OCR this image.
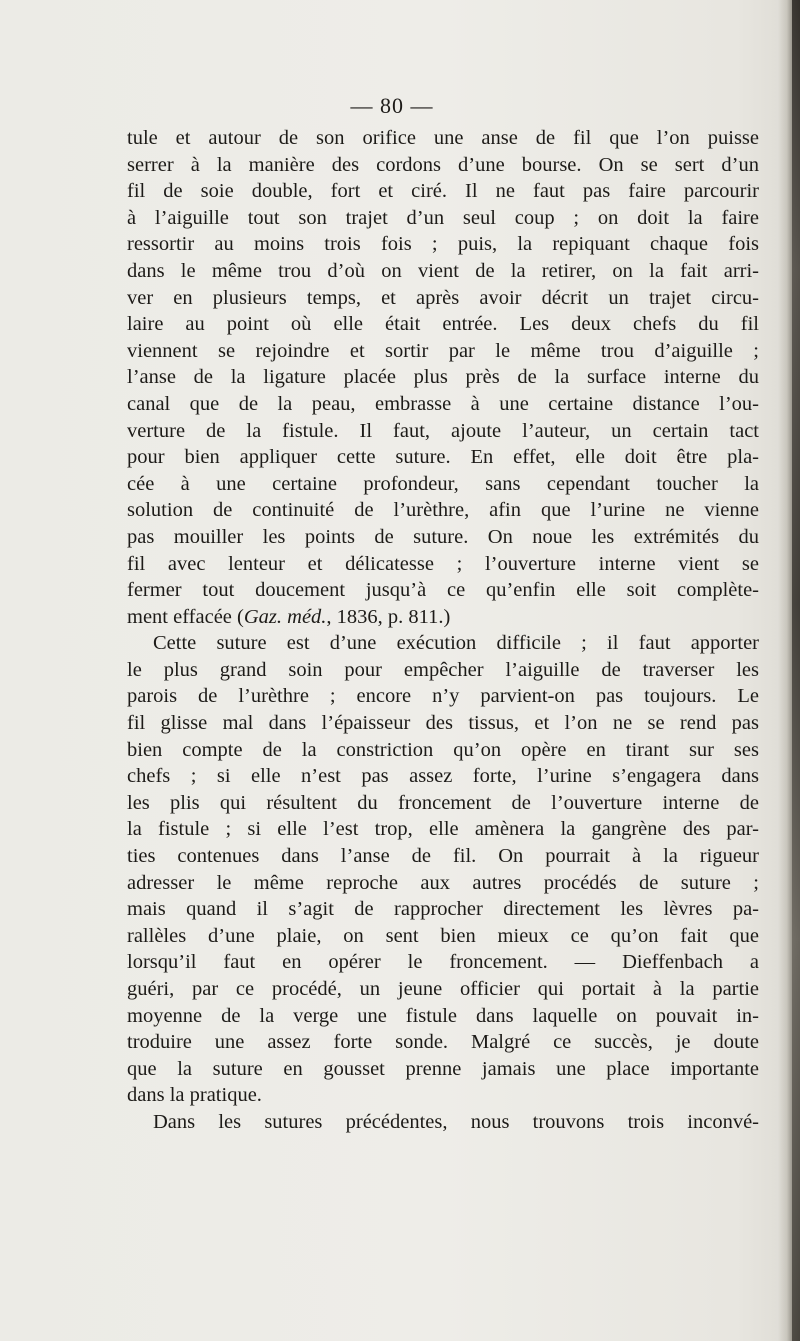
— 80 —

tule et autour de son orifice une anse de fil que l’on puisse
serrer à la manière des cordons d’une bourse. On se sert d’un
fil de soie double, fort et ciré. Il ne faut pas faire parcourir
à l’aiguille tout son trajet d’un seul coup ; on doit la faire
ressortir au moins trois fois ; puis, la repiquant chaque fois
dans le même trou d’où on vient de la retirer, on la fait arri-
ver en plusieurs temps, et après avoir décrit un trajet circu-
laire au point où elle était entrée. Les deux chefs du fil
viennent se rejoindre et sortir par le même trou d’aiguille ;
l’anse de la ligature placée plus près de la surface interne du
canal que de la peau, embrasse à une certaine distance l’ou-
verture de la fistule. Il faut, ajoute l’auteur, un certain tact
pour bien appliquer cette suture. En effet, elle doit être pla-
cée à une certaine profondeur, sans cependant toucher la
solution de continuité de l’urèthre, afin que l’urine ne vienne
pas mouiller les points de suture. On noue les extrémités du
fil avec lenteur et délicatesse ; l’ouverture interne vient se
fermer tout doucement jusqu’à ce qu’enfin elle soit complète-
ment effacée (Gaz. méd., 1836, p. 811.)
Cette suture est d’une exécution difficile ; il faut apporter
le plus grand soin pour empêcher l’aiguille de traverser les
parois de l’urèthre ; encore n’y parvient-on pas toujours. Le
fil glisse mal dans l’épaisseur des tissus, et l’on ne se rend pas
bien compte de la constriction qu’on opère en tirant sur ses
chefs ; si elle n’est pas assez forte, l’urine s’engagera dans
les plis qui résultent du froncement de l’ouverture interne de
la fistule ; si elle l’est trop, elle amènera la gangrène des par-
ties contenues dans l’anse de fil. On pourrait à la rigueur
adresser le même reproche aux autres procédés de suture ;
mais quand il s’agit de rapprocher directement les lèvres pa-
rallèles d’une plaie, on sent bien mieux ce qu’on fait que
lorsqu’il faut en opérer le froncement. — Dieffenbach a
guéri, par ce procédé, un jeune officier qui portait à la partie
moyenne de la verge une fistule dans laquelle on pouvait in-
troduire une assez forte sonde. Malgré ce succès, je doute
que la suture en gousset prenne jamais une place importante
dans la pratique.
Dans les sutures précédentes, nous trouvons trois inconvé-
